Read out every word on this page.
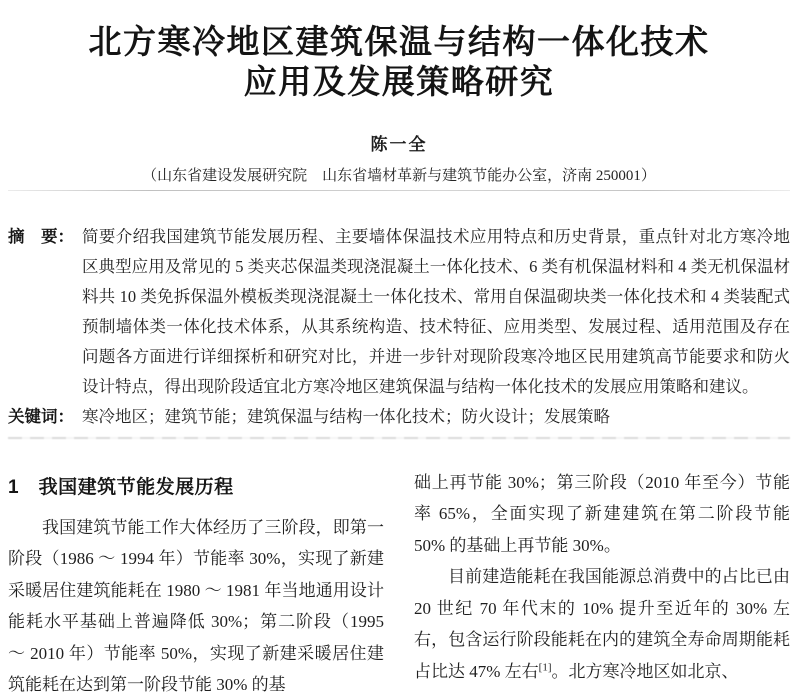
北方寒冷地区建筑保温与结构一体化技术
应用及发展策略研究
陈一全
（山东省建设发展研究院　山东省墙材革新与建筑节能办公室，济南 250001）
摘　要： 简要介绍我国建筑节能发展历程、主要墙体保温技术应用特点和历史背景，重点针对北方寒冷地区典型应用及常见的 5 类夹芯保温类现浇混凝土一体化技术、6 类有机保温材料和 4 类无机保温材料共 10 类免拆保温外模板类现浇混凝土一体化技术、常用自保温砌块类一体化技术和 4 类装配式预制墙体类一体化技术体系，从其系统构造、技术特征、应用类型、发展过程、适用范围及存在问题各方面进行详细探析和研究对比，并进一步针对现阶段寒冷地区民用建筑高节能要求和防火设计特点，得出现阶段适宜北方寒冷地区建筑保温与结构一体化技术的发展应用策略和建议。
关键词： 寒冷地区；建筑节能；建筑保温与结构一体化技术；防火设计；发展策略
1　我国建筑节能发展历程

我国建筑节能工作大体经历了三阶段，即第一阶段（1986 ～ 1994 年）节能率 30%，实现了新建采暖居住建筑能耗在 1980 ～ 1981 年当地通用设计能耗水平基础上普遍降低 30%；第二阶段（1995 ～ 2010 年）节能率 50%，实现了新建采暖居住建筑能耗在达到第一阶段节能 30% 的基

础上再节能 30%；第三阶段（2010 年至今）节能率 65%，全面实现了新建建筑在第二阶段节能 50% 的基础上再节能 30%。

目前建造能耗在我国能源总消费中的占比已由 20 世纪 70 年代末的 10% 提升至近年的 30% 左右，包含运行阶段能耗在内的建筑全寿命周期能耗占比达 47% 左右[1]。北方寒冷地区如北京、
